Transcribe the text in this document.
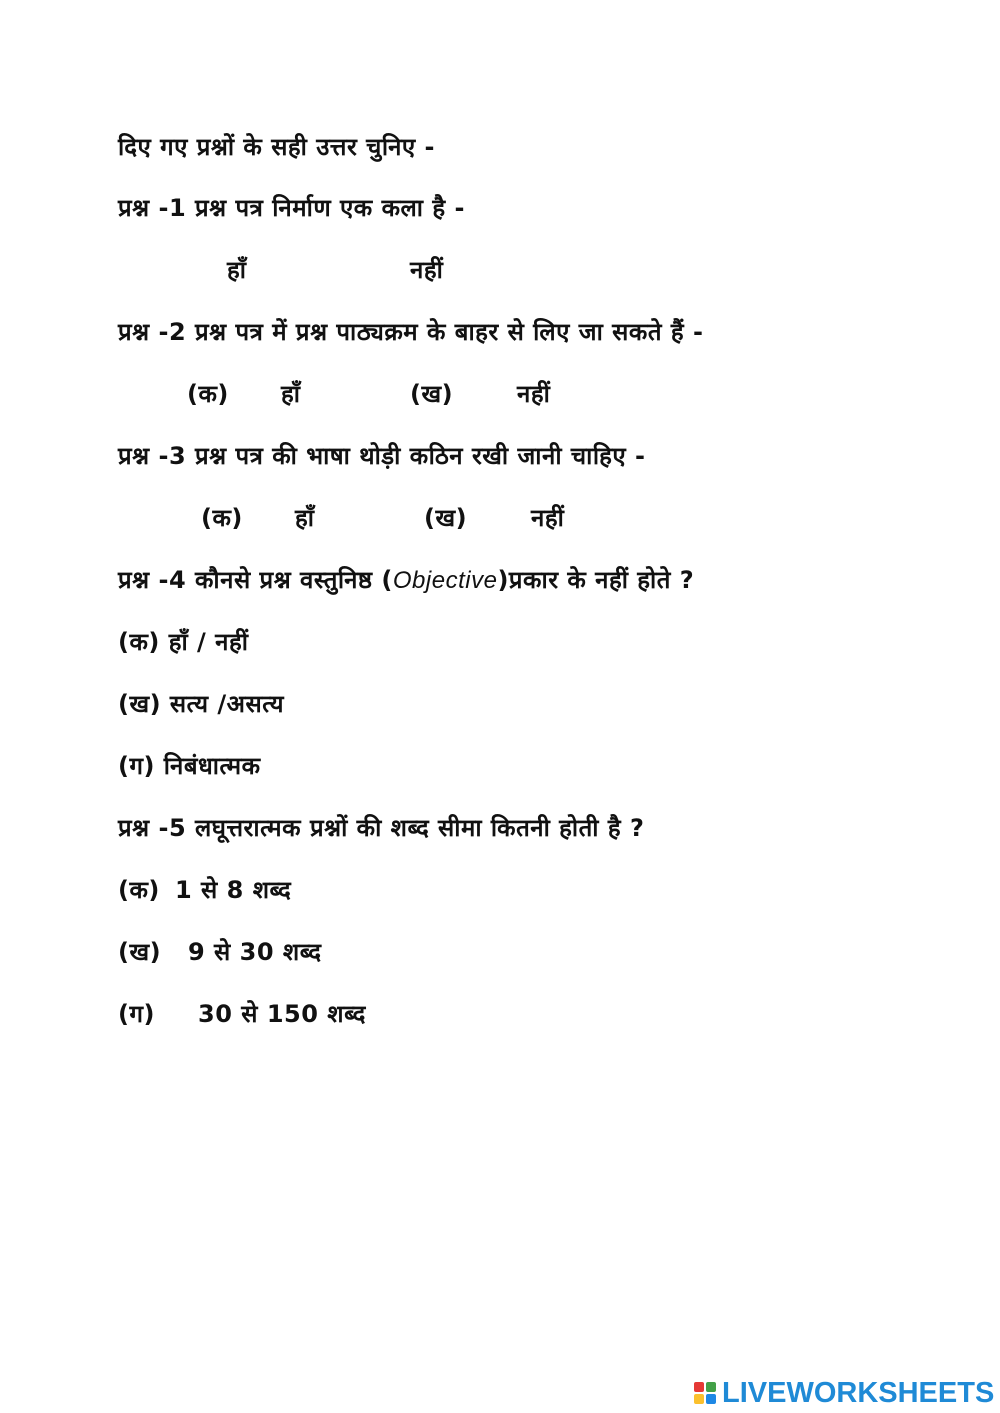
दिए गए प्रश्नों के सही उत्तर चुनिए -
प्रश्न -1 प्रश्न पत्र निर्माण एक कला है -
हाँ	नहीं
प्रश्न -2 प्रश्न पत्र में प्रश्न पाठ्यक्रम के बाहर से लिए जा सकते हैं -
(क) हाँ	(ख)	नहीं
प्रश्न -3 प्रश्न पत्र की भाषा थोड़ी कठिन रखी जानी चाहिए -
(क) हाँ	(ख)	नहीं
प्रश्न -4 कौनसे प्रश्न वस्तुनिष्ठ (Objective)प्रकार के नहीं होते ?
(क) हाँ / नहीं
(ख) सत्य /असत्य
(ग) निबंधात्मक
प्रश्न -5 लघूत्तरात्मक प्रश्नों की शब्द सीमा कितनी होती है ?
(क) 1 से 8 शब्द
(ख) 9 से 30 शब्द
(ग) 30 से 150 शब्द
LIVEWORKSHEETS
